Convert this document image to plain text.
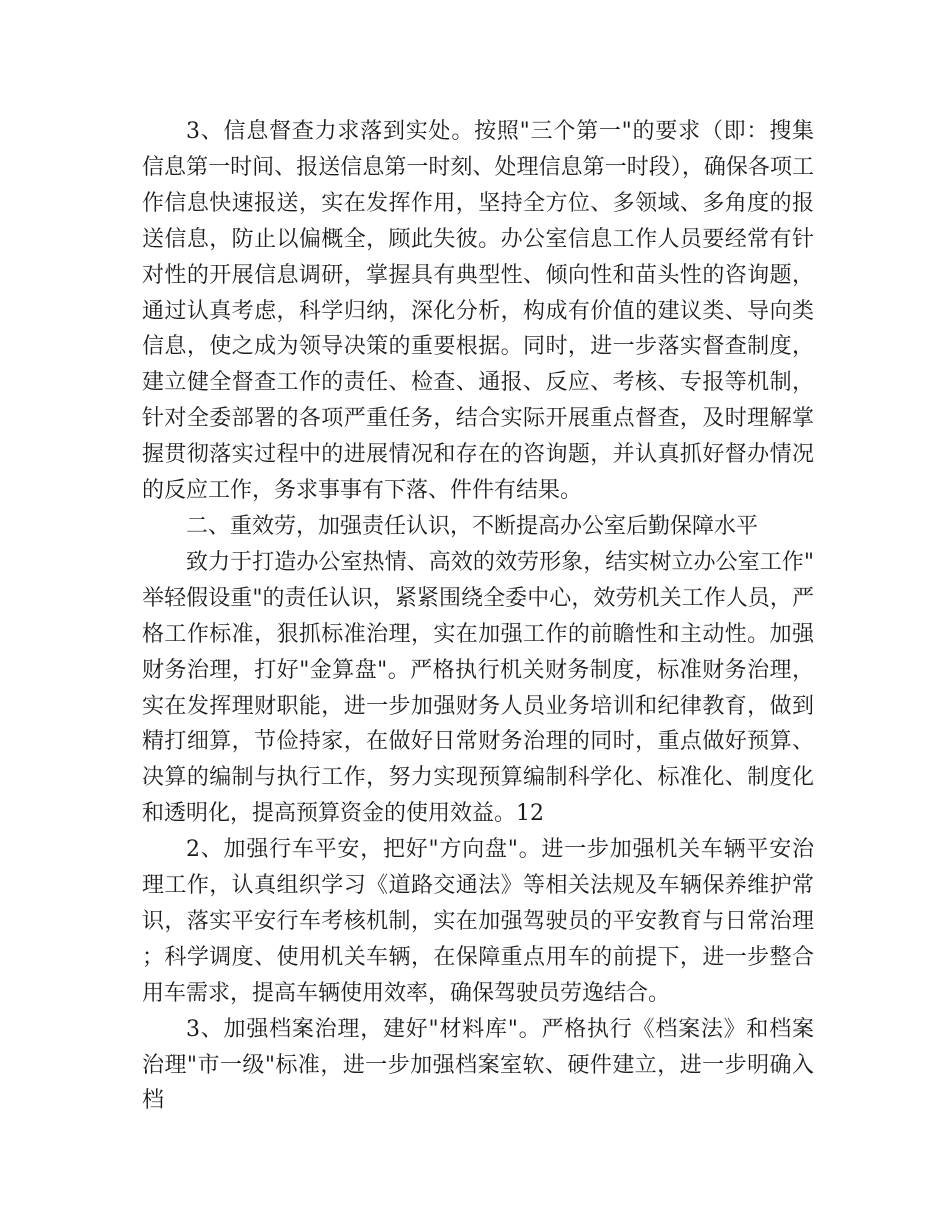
3、信息督查力求落到实处。按照"三个第一"的要求（即：搜集信息第一时间、报送信息第一时刻、处理信息第一时段），确保各项工作信息快速报送，实在发挥作用，坚持全方位、多领域、多角度的报送信息，防止以偏概全，顾此失彼。办公室信息工作人员要经常有针对性的开展信息调研，掌握具有典型性、倾向性和苗头性的咨询题，通过认真考虑，科学归纳，深化分析，构成有价值的建议类、导向类信息，使之成为领导决策的重要根据。同时，进一步落实督查制度，建立健全督查工作的责任、检查、通报、反应、考核、专报等机制，针对全委部署的各项严重任务，结合实际开展重点督查，及时理解掌握贯彻落实过程中的进展情况和存在的咨询题，并认真抓好督办情况的反应工作，务求事事有下落、件件有结果。

二、重效劳，加强责任认识，不断提高办公室后勤保障水平

致力于打造办公室热情、高效的效劳形象，结实树立办公室工作"举轻假设重"的责任认识，紧紧围绕全委中心，效劳机关工作人员，严格工作标准，狠抓标准治理，实在加强工作的前瞻性和主动性。加强财务治理，打好"金算盘"。严格执行机关财务制度，标准财务治理，实在发挥理财职能，进一步加强财务人员业务培训和纪律教育，做到精打细算，节俭持家，在做好日常财务治理的同时，重点做好预算、决算的编制与执行工作，努力实现预算编制科学化、标准化、制度化和透明化，提高预算资金的使用效益。12

2、加强行车平安，把好"方向盘"。进一步加强机关车辆平安治理工作，认真组织学习《道路交通法》等相关法规及车辆保养维护常识，落实平安行车考核机制，实在加强驾驶员的平安教育与日常治理；科学调度、使用机关车辆，在保障重点用车的前提下，进一步整合用车需求，提高车辆使用效率，确保驾驶员劳逸结合。

3、加强档案治理，建好"材料库"。严格执行《档案法》和档案治理"市一级"标准，进一步加强档案室软、硬件建立，进一步明确入档
